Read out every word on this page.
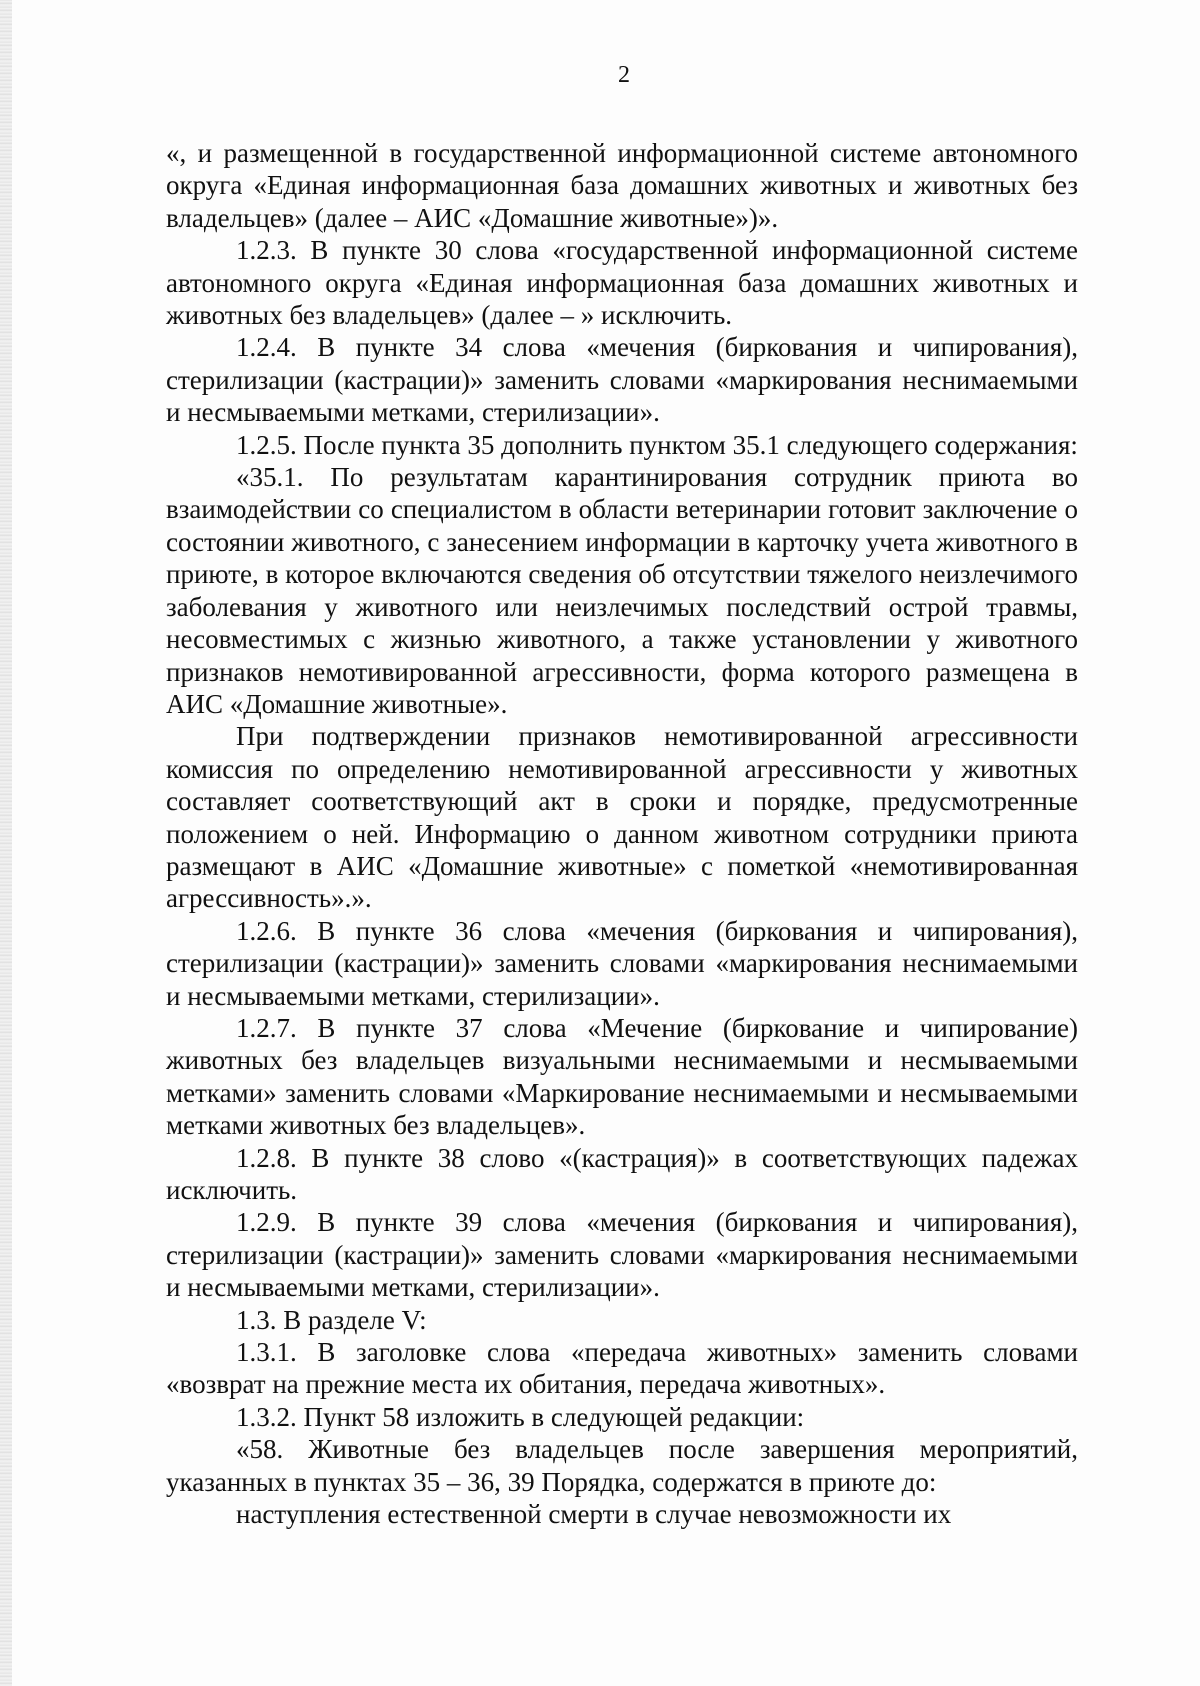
2

«, и размещенной в государственной информационной системе автономного округа «Единая информационная база домашних животных и животных без владельцев» (далее – АИС «Домашние животные»)».

1.2.3. В пункте 30 слова «государственной информационной системе автономного округа «Единая информационная база домашних животных и животных без владельцев» (далее – » исключить.

1.2.4. В пункте 34 слова «мечения (биркования и чипирования), стерилизации (кастрации)» заменить словами «маркирования неснимаемыми и несмываемыми метками, стерилизации».

1.2.5. После пункта 35 дополнить пунктом 35.1 следующего содержания:

«35.1. По результатам карантинирования сотрудник приюта во взаимодействии со специалистом в области ветеринарии готовит заключение о состоянии животного, с занесением информации в карточку учета животного в приюте, в которое включаются сведения об отсутствии тяжелого неизлечимого заболевания у животного или неизлечимых последствий острой травмы, несовместимых с жизнью животного, а также установлении у животного признаков немотивированной агрессивности, форма которого размещена в АИС «Домашние животные».

При подтверждении признаков немотивированной агрессивности комиссия по определению немотивированной агрессивности у животных составляет соответствующий акт в сроки и порядке, предусмотренные положением о ней. Информацию о данном животном сотрудники приюта размещают в АИС «Домашние животные» с пометкой «немотивированная агрессивность».».

1.2.6. В пункте 36 слова «мечения (биркования и чипирования), стерилизации (кастрации)» заменить словами «маркирования неснимаемыми и несмываемыми метками, стерилизации».

1.2.7. В пункте 37 слова «Мечение (биркование и чипирование) животных без владельцев визуальными неснимаемыми и несмываемыми метками» заменить словами «Маркирование неснимаемыми и несмываемыми метками животных без владельцев».

1.2.8. В пункте 38 слово «(кастрация)» в соответствующих падежах исключить.

1.2.9. В пункте 39 слова «мечения (биркования и чипирования), стерилизации (кастрации)» заменить словами «маркирования неснимаемыми и несмываемыми метками, стерилизации».

1.3. В разделе V:

1.3.1. В заголовке слова «передача животных» заменить словами «возврат на прежние места их обитания, передача животных».

1.3.2. Пункт 58 изложить в следующей редакции:

«58. Животные без владельцев после завершения мероприятий, указанных в пунктах 35 – 36, 39 Порядка, содержатся в приюте до:

наступления естественной смерти в случае невозможности их
